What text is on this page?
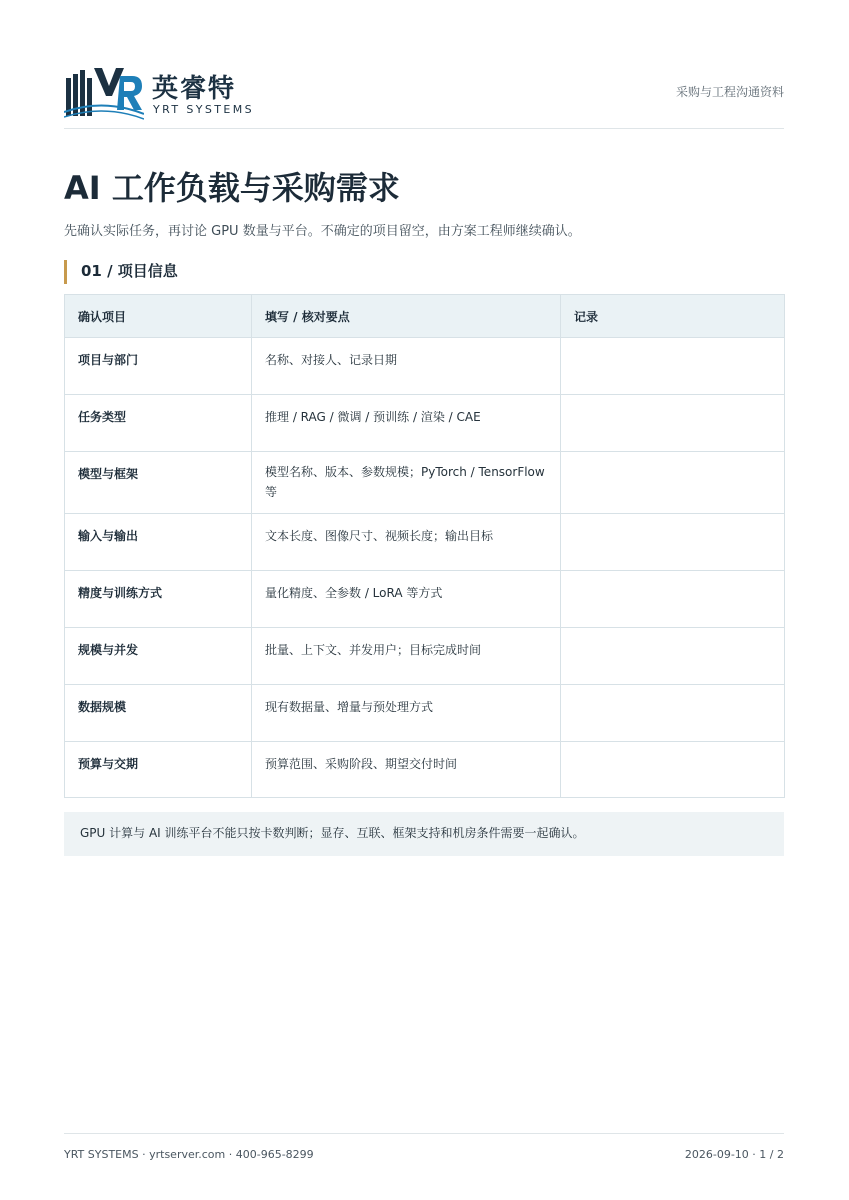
英睿特
YRT SYSTEMS
采购与工程沟通资料
AI 工作负载与采购需求
先确认实际任务，再讨论 GPU 数量与平台。不确定的项目留空，由方案工程师继续确认。
01 / 项目信息
确认项目	填写 / 核对要点	记录
项目与部门	名称、对接人、记录日期	
任务类型	推理 / RAG / 微调 / 预训练 / 渲染 / CAE	
模型与框架	模型名称、版本、参数规模；PyTorch / TensorFlow 等	
输入与输出	文本长度、图像尺寸、视频长度；输出目标	
精度与训练方式	量化精度、全参数 / LoRA 等方式	
规模与并发	批量、上下文、并发用户；目标完成时间	
数据规模	现有数据量、增量与预处理方式	
预算与交期	预算范围、采购阶段、期望交付时间	
GPU 计算与 AI 训练平台不能只按卡数判断；显存、互联、框架支持和机房条件需要一起确认。
YRT SYSTEMS · yrtserver.com · 400-965-8299	2026-09-10 · 1 / 2
